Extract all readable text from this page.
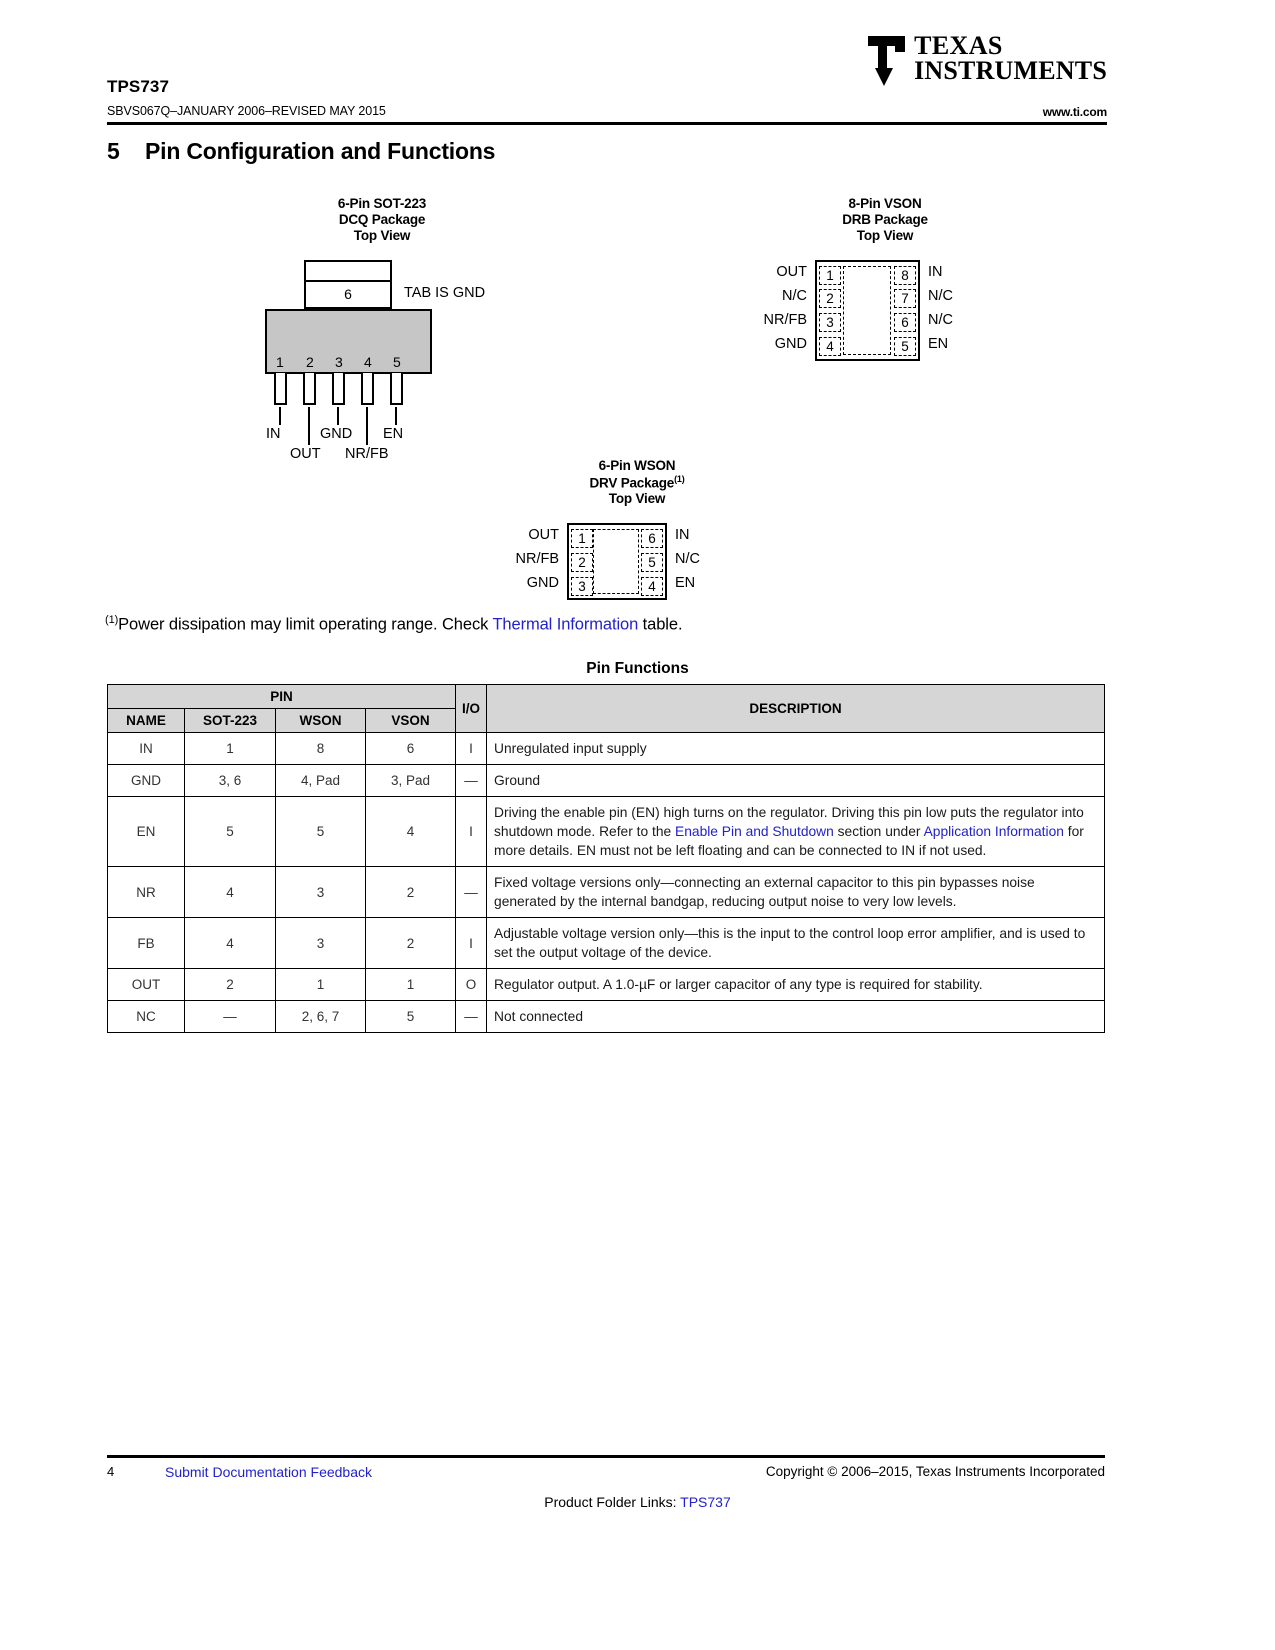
TEXAS
INSTRUMENTS
TPS737
SBVS067Q–JANUARY 2006–REVISED MAY 2015	www.ti.com
5 Pin Configuration and Functions
6-Pin SOT-223
DCQ Package
Top View
6	TAB IS GND
1 2 3 4 5
IN	GND EN
OUT NR/FB
8-Pin VSON
DRB Package
Top View
1
2
3
4
8
7
6
5
OUT
N/C
NR/FB
GND
IN
N/C
N/C
EN
6-Pin WSON
DRV Package$^{(1)}$
Top View
1
2
3
6
5
4
OUT
NR/FB
GND
IN
N/C
EN
$^{(1)}$Power dissipation may limit operating range. Check Thermal Information table.
Pin Functions
PIN				I/O	DESCRIPTION
NAME	SOT-223	WSON	VSON		
IN	1	8	6	I	Unregulated input supply
GND	3, 6	4, Pad	3, Pad	—	Ground
EN	5	5	4	I	Driving the enable pin (EN) high turns on the regulator. Driving this pin low puts the regulator into shutdown mode. Refer to the Enable Pin and Shutdown section under Application Information for more details. EN must not be left floating and can be connected to IN if not used.
NR	4	3	2	—	Fixed voltage versions only—connecting an external capacitor to this pin bypasses noise generated by the internal bandgap, reducing output noise to very low levels.
FB	4	3	2	I	Adjustable voltage version only—this is the input to the control loop error amplifier, and is used to set the output voltage of the device.
OUT	2	1	1	O	Regulator output. A 1.0-µF or larger capacitor of any type is required for stability.
NC	—	2, 6, 7	5	—	Not connected
4	Submit Documentation Feedback	Copyright © 2006–2015, Texas Instruments Incorporated
Product Folder Links: TPS737
